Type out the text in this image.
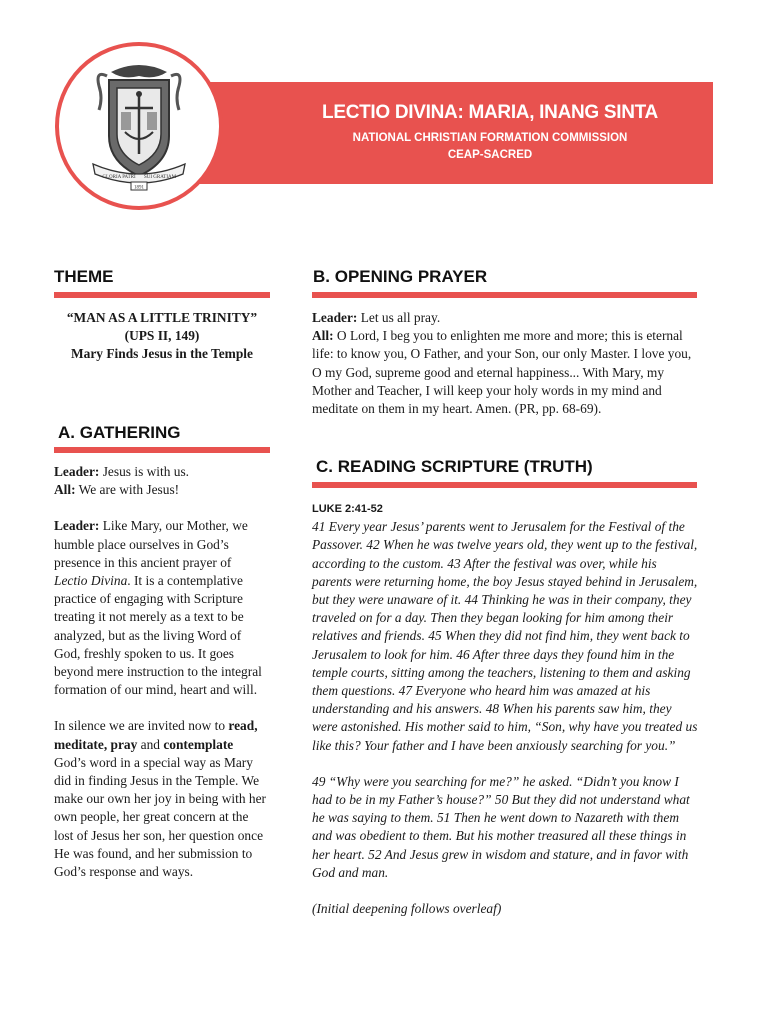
LECTIO DIVINA: MARIA, INANG SINTA
NATIONAL CHRISTIAN FORMATION COMMISSION
CEAP-SACRED
GLORIA PATRI SUI GRATIAM
1891
THEME

“MAN AS A LITTLE TRINITY”

(UPS II, 149)

Mary Finds Jesus in the Temple

A. GATHERING

Leader: Jesus is with us.

All: We are with Jesus!

Leader: Like Mary, our Mother, we humble place ourselves in God’s presence in this ancient prayer of Lectio Divina. It is a contemplative practice of engaging with Scripture treating it not merely as a text to be analyzed, but as the living Word of God, freshly spoken to us. It goes beyond mere instruction to the integral formation of our mind, heart and will.

In silence we are invited now to read, meditate, pray and contemplate God’s word in a special way as Mary did in finding Jesus in the Temple. We make our own her joy in being with her own people, her great concern at the lost of Jesus her son, her question once He was found, and her submission to God’s response and ways.

B. OPENING PRAYER

Leader: Let us all pray.

All: O Lord, I beg you to enlighten me more and more; this is eternal life: to know you, O Father, and your Son, our only Master. I love you, O my God, supreme good and eternal happiness... With Mary, my Mother and Teacher, I will keep your holy words in my mind and meditate on them in my heart. Amen. (PR, pp. 68-69).

C. READING SCRIPTURE (TRUTH)

LUKE 2:41-52

41 Every year Jesus’ parents went to Jerusalem for the Festival of the Passover. 42 When he was twelve years old, they went up to the festival, according to the custom. 43 After the festival was over, while his parents were returning home, the boy Jesus stayed behind in Jerusalem, but they were unaware of it. 44 Thinking he was in their company, they traveled on for a day. Then they began looking for him among their relatives and friends. 45 When they did not find him, they went back to Jerusalem to look for him. 46 After three days they found him in the temple courts, sitting among the teachers, listening to them and asking them questions. 47 Everyone who heard him was amazed at his understanding and his answers. 48 When his parents saw him, they were astonished. His mother said to him, “Son, why have you treated us like this? Your father and I have been anxiously searching for you.”

49 “Why were you searching for me?” he asked. “Didn’t you know I had to be in my Father’s house?” 50 But they did not understand what he was saying to them. 51 Then he went down to Nazareth with them and was obedient to them. But his mother treasured all these things in her heart. 52 And Jesus grew in wisdom and stature, and in favor with God and man.

(Initial deepening follows overleaf)
